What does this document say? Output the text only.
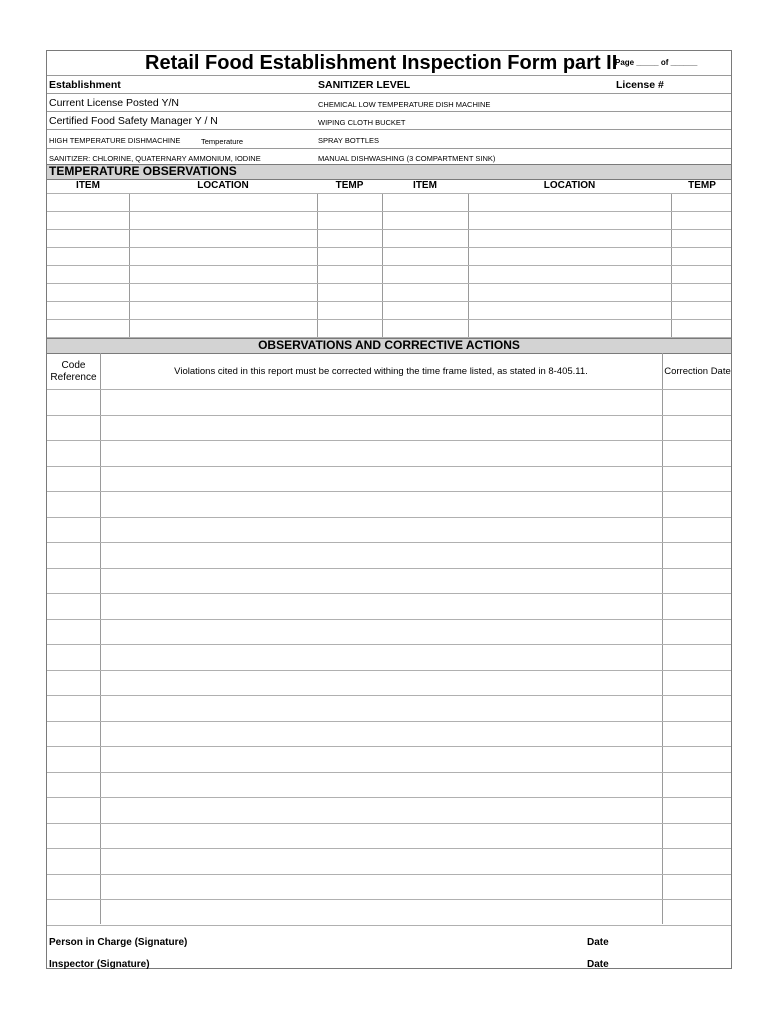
Retail Food Establishment Inspection Form part II
Page _____ of ______
Establishment	SANITIZER LEVEL	License #
Current License Posted Y/N	CHEMICAL LOW TEMPERATURE DISH MACHINE
Certified Food Safety Manager Y / N	WIPING CLOTH BUCKET
HIGH TEMPERATURE DISHMACHINE	Temperature	SPRAY BOTTLES
SANITIZER: CHLORINE, QUATERNARY AMMONIUM, IODINE	MANUAL DISHWASHING (3 COMPARTMENT SINK)
TEMPERATURE OBSERVATIONS
ITEM	LOCATION	TEMP	ITEM	LOCATION	TEMP
OBSERVATIONS AND CORRECTIVE ACTIONS
Code
Reference
Violations cited in this report must be corrected withing the time frame listed, as stated in 8-405.11.	Correction Date
Person in Charge (Signature)	Date
Inspector (Signature)	Date
